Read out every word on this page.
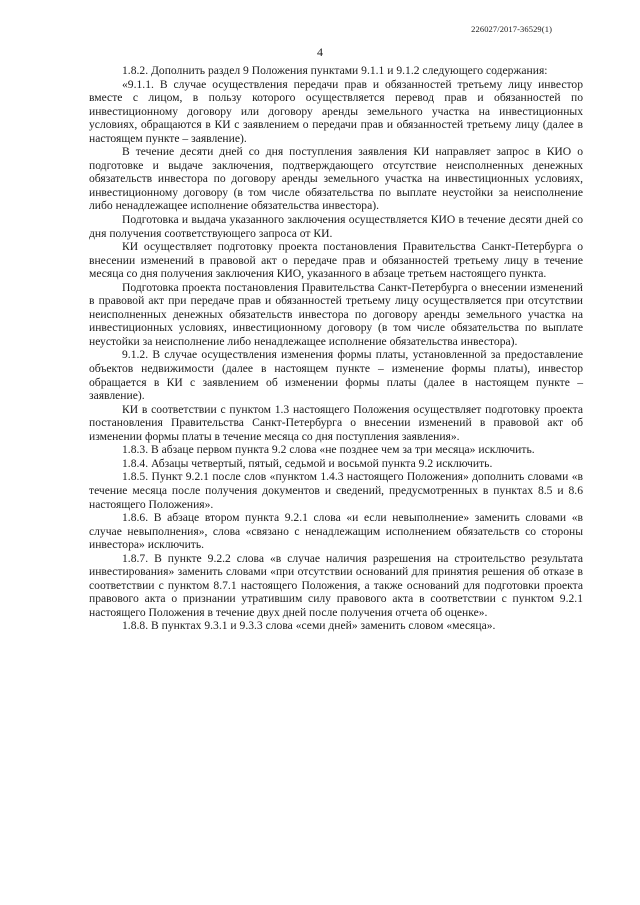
226027/2017-36529(1)
4

1.8.2. Дополнить раздел 9 Положения пунктами 9.1.1 и 9.1.2 следующего содержания:

«9.1.1. В случае осуществления передачи прав и обязанностей третьему лицу инвестор вместе с лицом, в пользу которого осуществляется перевод прав и обязанностей по инвестиционному договору или договору аренды земельного участка на инвестиционных условиях, обращаются в КИ с заявлением о передачи прав и обязанностей третьему лицу (далее в настоящем пункте – заявление).

В течение десяти дней со дня поступления заявления КИ направляет запрос в КИО о подготовке и выдаче заключения, подтверждающего отсутствие неисполненных денежных обязательств инвестора по договору аренды земельного участка на инвестиционных условиях, инвестиционному договору (в том числе обязательства по выплате неустойки за неисполнение либо ненадлежащее исполнение обязательства инвестора).

Подготовка и выдача указанного заключения осуществляется КИО в течение десяти дней со дня получения соответствующего запроса от КИ.

КИ осуществляет подготовку проекта постановления Правительства Санкт-Петербурга о внесении изменений в правовой акт о передаче прав и обязанностей третьему лицу в течение месяца со дня получения заключения КИО, указанного в абзаце третьем настоящего пункта.

Подготовка проекта постановления Правительства Санкт-Петербурга о внесении изменений в правовой акт при передаче прав и обязанностей третьему лицу осуществляется при отсутствии неисполненных денежных обязательств инвестора по договору аренды земельного участка на инвестиционных условиях, инвестиционному договору (в том числе обязательства по выплате неустойки за неисполнение либо ненадлежащее исполнение обязательства инвестора).

9.1.2. В случае осуществления изменения формы платы, установленной за предоставление объектов недвижимости (далее в настоящем пункте – изменение формы платы), инвестор обращается в КИ с заявлением об изменении формы платы (далее в настоящем пункте – заявление).

КИ в соответствии с пунктом 1.3 настоящего Положения осуществляет подготовку проекта постановления Правительства Санкт-Петербурга о внесении изменений в правовой акт об изменении формы платы в течение месяца со дня поступления заявления».

1.8.3. В абзаце первом пункта 9.2 слова «не позднее чем за три месяца» исключить.

1.8.4. Абзацы четвертый, пятый, седьмой и восьмой пункта 9.2 исключить.

1.8.5. Пункт 9.2.1 после слов «пунктом 1.4.3 настоящего Положения» дополнить словами «в течение месяца после получения документов и сведений, предусмотренных в пунктах 8.5 и 8.6 настоящего Положения».

1.8.6. В абзаце втором пункта 9.2.1 слова «и если невыполнение» заменить словами «в случае невыполнения», слова «связано с ненадлежащим исполнением обязательств со стороны инвестора» исключить.

1.8.7. В пункте 9.2.2 слова «в случае наличия разрешения на строительство результата инвестирования» заменить словами «при отсутствии оснований для принятия решения об отказе в соответствии с пунктом 8.7.1 настоящего Положения, а также оснований для подготовки проекта правового акта о признании утратившим силу правового акта в соответствии с пунктом 9.2.1 настоящего Положения в течение двух дней после получения отчета об оценке».

1.8.8. В пунктах 9.3.1 и 9.3.3 слова «семи дней» заменить словом «месяца».
